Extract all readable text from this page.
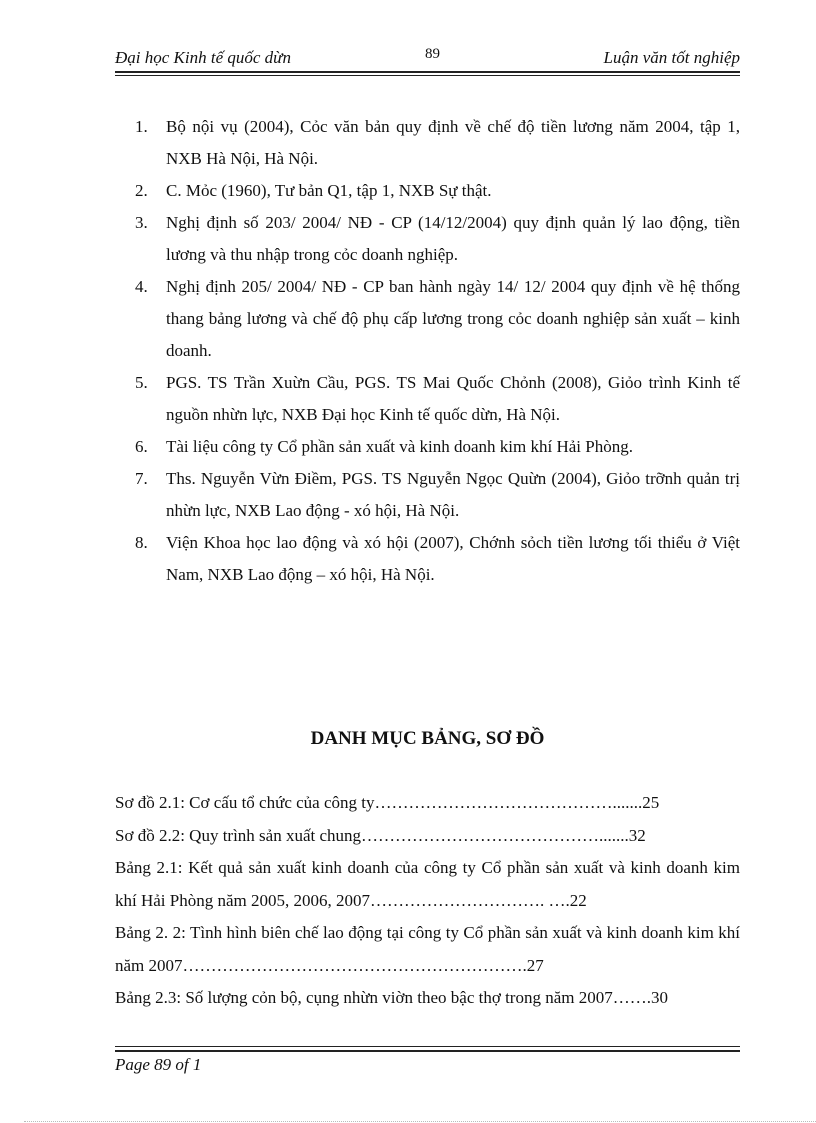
Đại học Kinh tế quốc dừn	89	Luận văn tốt nghiệp
1. Bộ nội vụ (2004), Cỏc văn bản quy định về chế độ tiền lương năm 2004, tập 1, NXB Hà Nội, Hà Nội.
2. C. Mỏc (1960), Tư bản Q1, tập 1, NXB Sự thật.
3. Nghị định số 203/ 2004/ NĐ - CP (14/12/2004) quy định quản lý lao động, tiền lương và thu nhập trong cỏc doanh nghiệp.
4. Nghị định 205/ 2004/ NĐ - CP ban hành ngày 14/ 12/ 2004 quy định về hệ thống thang bảng lương và chế độ phụ cấp lương trong cỏc doanh nghiệp sản xuất – kinh doanh.
5. PGS. TS Trần Xuừn Cầu, PGS. TS Mai Quốc Chỏnh (2008), Giỏo trình Kinh tế nguồn nhừn lực, NXB Đại học Kinh tế quốc dừn, Hà Nội.
6. Tài liệu công ty Cổ phần sản xuất và kinh doanh kim khí Hải Phòng.
7. Ths. Nguyễn Vừn Điềm, PGS. TS Nguyễn Ngọc Quừn (2004), Giỏo trỡnh quản trị nhừn lực, NXB Lao động - xó hội, Hà Nội.
8. Viện Khoa học lao động và xó hội (2007), Chớnh sỏch tiền lương tối thiểu ở Việt Nam, NXB Lao động – xó hội, Hà Nội.
DANH MỤC BẢNG, SƠ ĐỒ
Sơ đồ 2.1: Cơ cấu tổ chức của công ty…………………………………….......25
Sơ đồ 2.2: Quy trình sản xuất chung…………………………………….......32
Bảng 2.1: Kết quả sản xuất kinh doanh của công ty Cổ phần sản xuất và kinh doanh kim khí Hải Phòng năm 2005, 2006, 2007…………………………. ….22
Bảng 2. 2: Tình hình biên chế lao động tại công ty Cổ phần sản xuất và kinh doanh kim khí năm 2007…………………………………………………….27
Bảng 2.3: Số lượng cỏn bộ, cụng nhừn viờn theo bậc thợ trong năm 2007…….30
Page 89 of 1
